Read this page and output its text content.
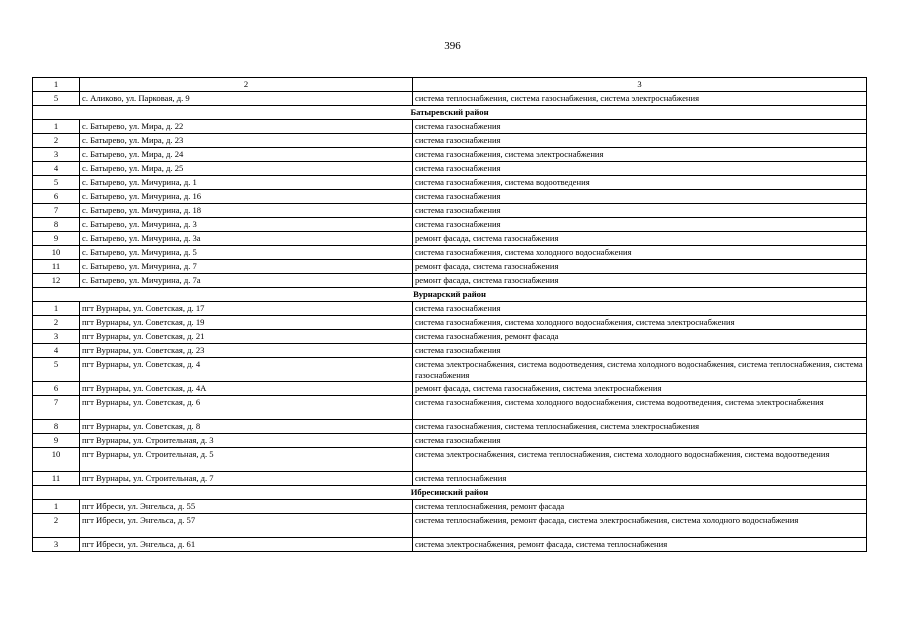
396
1	2	3
5	с. Аликово, ул. Парковая, д. 9	система теплоснабжения, система газоснабжения, система электроснабжения
Батыревский район		
1	с. Батырево, ул. Мира, д. 22	система газоснабжения
2	с. Батырево, ул. Мира, д. 23	система газоснабжения
3	с. Батырево, ул. Мира, д. 24	система газоснабжения, система электроснабжения
4	с. Батырево, ул. Мира, д. 25	система газоснабжения
5	с. Батырево, ул. Мичурина, д. 1	система газоснабжения, система водоотведения
6	с. Батырево, ул. Мичурина, д. 16	система газоснабжения
7	с. Батырево, ул. Мичурина, д. 18	система газоснабжения
8	с. Батырево, ул. Мичурина, д. 3	система газоснабжения
9	с. Батырево, ул. Мичурина, д. 3а	ремонт фасада, система газоснабжения
10	с. Батырево, ул. Мичурина, д. 5	система газоснабжения, система холодного водоснабжения
11	с. Батырево, ул. Мичурина, д. 7	ремонт фасада, система газоснабжения
12	с. Батырево, ул. Мичурина, д. 7а	ремонт фасада, система газоснабжения
Вурнарский район		
1	пгт Вурнары, ул. Советская, д. 17	система газоснабжения
2	пгт Вурнары, ул. Советская, д. 19	система газоснабжения, система холодного водоснабжения, система электроснабжения
3	пгт Вурнары, ул. Советская, д. 21	система газоснабжения, ремонт фасада
4	пгт Вурнары, ул. Советская, д. 23	система газоснабжения
5	пгт Вурнары, ул. Советская, д. 4	система электроснабжения, система водоотведения, система холодного водоснабжения, система теплоснабжения, система газоснабжения
6	пгт Вурнары, ул. Советская, д. 4А	ремонт фасада, система газоснабжения, система электроснабжения
7	пгт Вурнары, ул. Советская, д. 6	система газоснабжения, система холодного водоснабжения, система водоотведения, система электроснабжения
8	пгт Вурнары, ул. Советская, д. 8	система газоснабжения, система теплоснабжения, система электроснабжения
9	пгт Вурнары, ул. Строительная, д. 3	система газоснабжения
10	пгт Вурнары, ул. Строительная, д. 5	система электроснабжения, система теплоснабжения, система холодного водоснабжения, система водоотведения
11	пгт Вурнары, ул. Строительная, д. 7	система теплоснабжения
Ибресинский район		
1	пгт Ибреси, ул. Энгельса, д. 55	система теплоснабжения, ремонт фасада
2	пгт Ибреси, ул. Энгельса, д. 57	система теплоснабжения, ремонт фасада, система электроснабжения, система холодного водоснабжения
3	пгт Ибреси, ул. Энгельса, д. 61	система электроснабжения, ремонт фасада, система теплоснабжения
